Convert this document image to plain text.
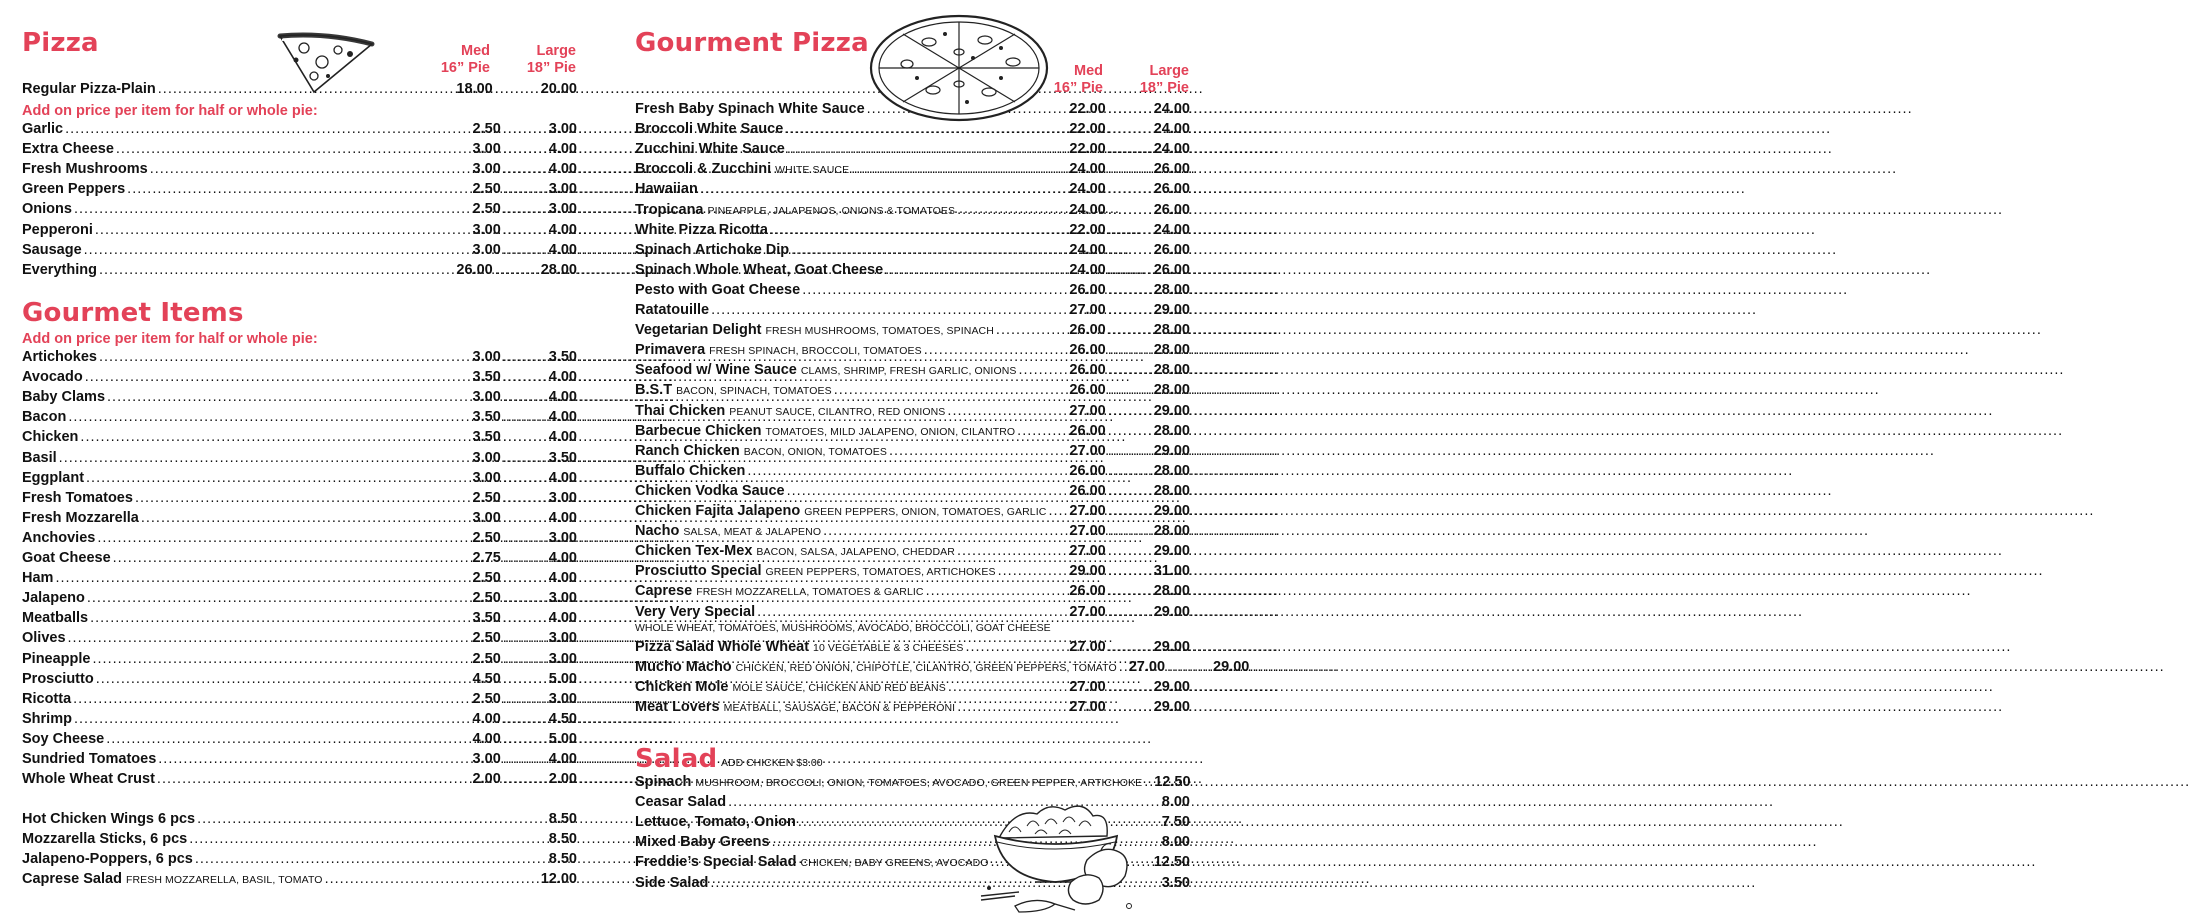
Pizza	Med
16” Pie
Large
18” Pie
Regular Pizza-Plain .....	18.00 .....	20.00
Add on price per item for half or whole pie:
Garlic .....	2.50 .....	3.00
Extra Cheese .....	3.00 .....	4.00
Fresh Mushrooms .....	3.00 .....	4.00
Green Peppers .....	2.50 .....	3.00
Onions .....	2.50 .....	3.00
Pepperoni .....	3.00 .....	4.00
Sausage .....	3.00 .....	4.00
Everything .....	26.00 .....	28.00
Gourmet Items
Add on price per item for half or whole pie:
Artichokes .....	3.00 .....	3.50
Avocado .....	3.50 .....	4.00
Baby Clams .....	3.00 .....	4.00
Bacon .....	3.50 .....	4.00
Chicken .....	3.50 .....	4.00
Basil .....	3.00 .....	3.50
Eggplant .....	3.00 .....	4.00
Fresh Tomatoes .....	2.50 .....	3.00
Fresh Mozzarella .....	3.00 .....	4.00
Anchovies .....	2.50 .....	3.00
Goat Cheese .....	2.75 .....	4.00
Ham .....	2.50 .....	4.00
Jalapeno .....	2.50 .....	3.00
Meatballs .....	3.50 .....	4.00
Olives .....	2.50 .....	3.00
Pineapple .....	2.50 .....	3.00
Prosciutto .....	4.50 .....	5.00
Ricotta .....	2.50 .....	3.00
Shrimp .....	4.00 .....	4.50
Soy Cheese .....	4.00 .....	5.00
Sundried Tomatoes .....	3.00 .....	4.00
Whole Wheat Crust .....	2.00 .....	2.00
Hot Chicken Wings 6 pcs .....	8.50
Mozzarella Sticks, 6 pcs .....	8.50
Jalapeno-Poppers, 6 pcs .....	8.50
Caprese Salad FRESH MOZZARELLA, BASIL, TOMATO .....	12.00
Gourment Pizza
Med
16” Pie
Large
18” Pie
Fresh Baby Spinach White Sauce .....	22.00 .....	24.00
Broccoli White Sauce .....	22.00 .....	24.00
Zucchini White Sauce .....	22.00 .....	24.00
Broccoli & Zucchini WHITE SAUCE .....	24.00 .....	26.00
Hawaiian .....	24.00 .....	26.00
Tropicana PINEAPPLE, JALAPENOS, ONIONS & TOMATOES .....	24.00 .....	26.00
White Pizza Ricotta .....	22.00 .....	24.00
Spinach Artichoke Dip .....	24.00 .....	26.00
Spinach Whole Wheat, Goat Cheese .....	24.00 .....	26.00
Pesto with Goat Cheese .....	26.00 .....	28.00
Ratatouille .....	27.00 .....	29.00
Vegetarian Delight FRESH MUSHROOMS, TOMATOES, SPINACH .....	26.00 .....	28.00
Primavera FRESH SPINACH, BROCCOLI, TOMATOES .....	26.00 .....	28.00
Seafood w/ Wine Sauce CLAMS, SHRIMP, FRESH GARLIC, ONIONS .....	26.00 .....	28.00
B.S.T BACON, SPINACH, TOMATOES .....	26.00 .....	28.00
Thai Chicken PEANUT SAUCE, CILANTRO, RED ONIONS .....	27.00 .....	29.00
Barbecue Chicken TOMATOES, MILD JALAPENO, ONION, CILANTRO .....	26.00 .....	28.00
Ranch Chicken BACON, ONION, TOMATOES .....	27.00 .....	29.00
Buffalo Chicken .....	26.00 .....	28.00
Chicken Vodka Sauce .....	26.00 .....	28.00
Chicken Fajita Jalapeno GREEN PEPPERS, ONION, TOMATOES, GARLIC ..... 27.00 .....	29.00
Nacho SALSA, MEAT & JALAPENO .....	27.00 .....	28.00
Chicken Tex-Mex BACON, SALSA, JALAPENO, CHEDDAR .....	27.00 .....	29.00
Prosciutto Special GREEN PEPPERS, TOMATOES, ARTICHOKES .....	29.00 .....	31.00
Caprese FRESH MOZZARELLA, TOMATOES & GARLIC .....	26.00 .....	28.00
Very Very Special .....	27.00 .....	29.00
Pizza Salad Whole Wheat 10 VEGETABLE & 3 CHEESES .....	27.00 .....	29.00
Mucho Macho CHICKEN, RED ONION, CHIPOTLE, CILANTRO, GREEN PEPPERS, TOMATO ..... 27.00 .....	29.00
Chicken Mole MOLE SAUCE, CHICKEN AND RED BEANS .....	27.00 .....	29.00
Meat Lovers MEATBALL, SAUSAGE, BACON & PEPPERONI .....	27.00 .....	29.00
WHOLE WHEAT, TOMATOES, MUSHROOMS, AVOCADO, BROCCOLI, GOAT CHEESE
Salad ADD CHICKEN $3.00
Spinach MUSHROOM, BROCCOLI, ONION, TOMATOES, AVOCADO, GREEN PEPPER, ARTICHOKE ..... 12.50
Ceasar Salad .....	8.00
Lettuce, Tomato, Onion .....	7.50
Mixed Baby Greens .....	8.00
Freddie’s Special Salad CHICKEN, BABY GREENS, AVOCADO .....	12.50
Side Salad .....	3.50
